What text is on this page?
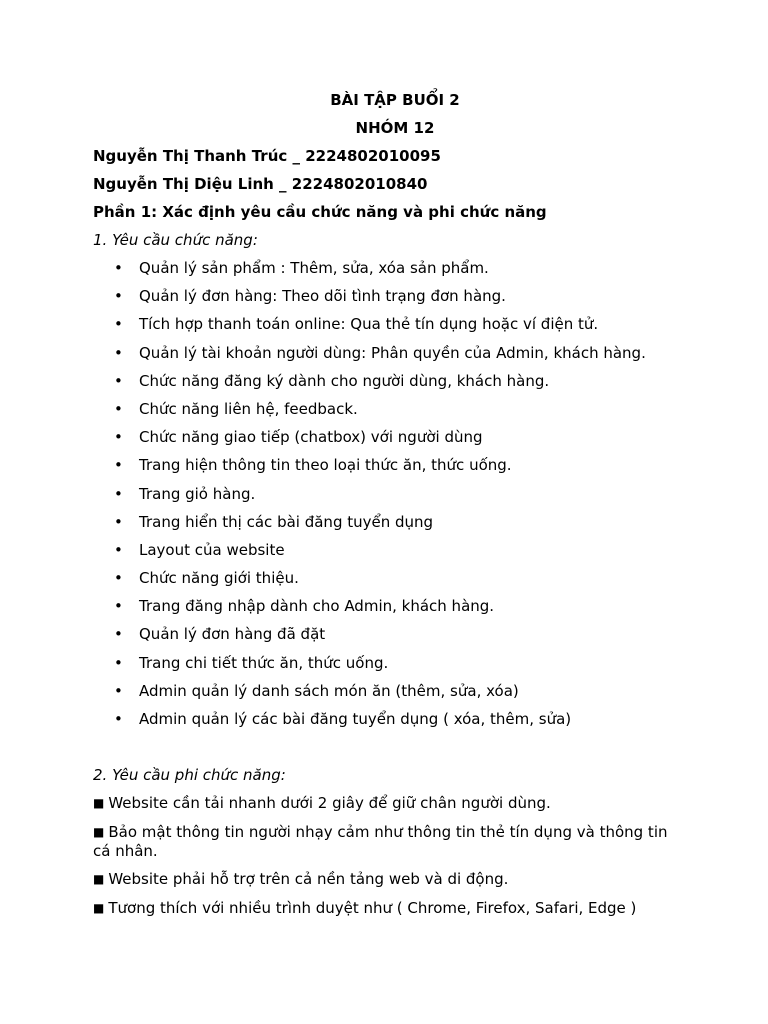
BÀI TẬP BUỔI 2
NHÓM 12
Nguyễn Thị Thanh Trúc _ 2224802010095
Nguyễn Thị Diệu Linh _ 2224802010840
Phần 1: Xác định yêu cầu chức năng và phi chức năng
1. Yêu cầu chức năng:
• Quản lý sản phẩm : Thêm, sửa, xóa sản phẩm.
• Quản lý đơn hàng: Theo dõi tình trạng đơn hàng.
• Tích hợp thanh toán online: Qua thẻ tín dụng hoặc ví điện tử.
• Quản lý tài khoản người dùng: Phân quyền của Admin, khách hàng.
• Chức năng đăng ký dành cho người dùng, khách hàng.
• Chức năng liên hệ, feedback.
• Chức năng giao tiếp (chatbox) với người dùng
• Trang hiện thông tin theo loại thức ăn, thức uống.
• Trang giỏ hàng.
• Trang hiển thị các bài đăng tuyển dụng
• Layout của website
• Chức năng giới thiệu.
• Trang đăng nhập dành cho Admin, khách hàng.
• Quản lý đơn hàng đã đặt
• Trang chi tiết thức ăn, thức uống.
• Admin quản lý danh sách món ăn (thêm, sửa, xóa)
• Admin quản lý các bài đăng tuyển dụng ( xóa, thêm, sửa)
2. Yêu cầu phi chức năng:
■ Website cần tải nhanh dưới 2 giây để giữ chân người dùng.
■ Bảo mật thông tin người nhạy cảm như thông tin thẻ tín dụng và thông tin cá nhân.
■ Website phải hỗ trợ trên cả nền tảng web và di động.
■ Tương thích với nhiều trình duyệt như ( Chrome, Firefox, Safari, Edge )
